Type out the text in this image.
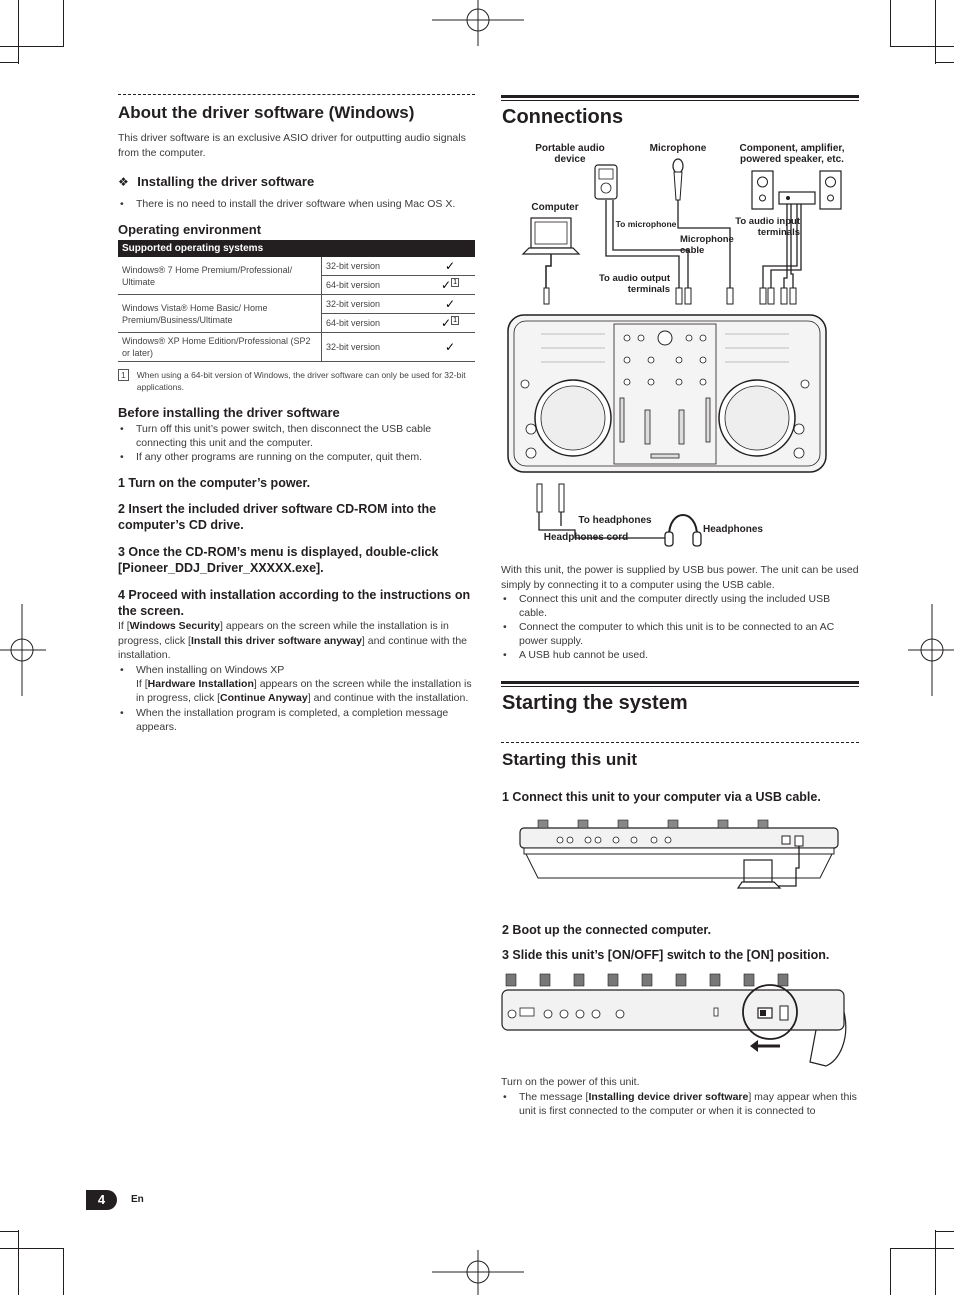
About the driver software (Windows)

This driver software is an exclusive ASIO driver for outputting audio signals from the computer.

❖ Installing the driver software

• There is no need to install the driver software when using Mac OS X.

Operating environment
Supported operating systems		
Windows® 7 Home Premium/Professional/ Ultimate	32-bit version	✓
	64-bit version	✓ $^1$
Windows Vista® Home Basic/ Home Premium/Business/Ultimate	32-bit version	✓
	64-bit version	✓ $^1$
Windows® XP Home Edition/Professional (SP2 or later)	32-bit version	✓
1	When using a 64-bit version of Windows, the driver software can only be used for 32-bit applications.
Before installing the driver software

• Turn off this unit’s power switch, then disconnect the USB cable connecting this unit and the computer.

• If any other programs are running on the computer, quit them.

1 Turn on the computer’s power.

2 Insert the included driver software CD-ROM into the computer’s CD drive.

3 Once the CD-ROM’s menu is displayed, double-click [Pioneer_DDJ_Driver_XXXXX.exe].

4 Proceed with installation according to the instructions on the screen.

If [Windows Security] appears on the screen while the installation is in progress, click [Install this driver software anyway] and continue with the installation.

• When installing on Windows XP

If [Hardware Installation] appears on the screen while the installation is in progress, click [Continue Anyway] and continue with the installation.

• When the installation program is completed, a completion message appears.

Connections
Portable audio device
Microphone	Component, amplifier, powered speaker, etc.
Computer
To microphone
Microphone cable
To audio input terminals
To audio output terminals
To headphones
Headphones
Headphones cord

With this unit, the power is supplied by USB bus power. The unit can be used simply by connecting it to a computer using the USB cable.

• Connect this unit and the computer directly using the included USB cable.

• Connect the computer to which this unit is to be connected to an AC power supply.

• A USB hub cannot be used.

Starting the system
Starting this unit

1 Connect this unit to your computer via a USB cable.

2 Boot up the connected computer.

3 Slide this unit’s [ON/OFF] switch to the [ON] position.

Turn on the power of this unit.

• The message [Installing device driver software] may appear when this unit is first connected to the computer or when it is connected to

4	En
